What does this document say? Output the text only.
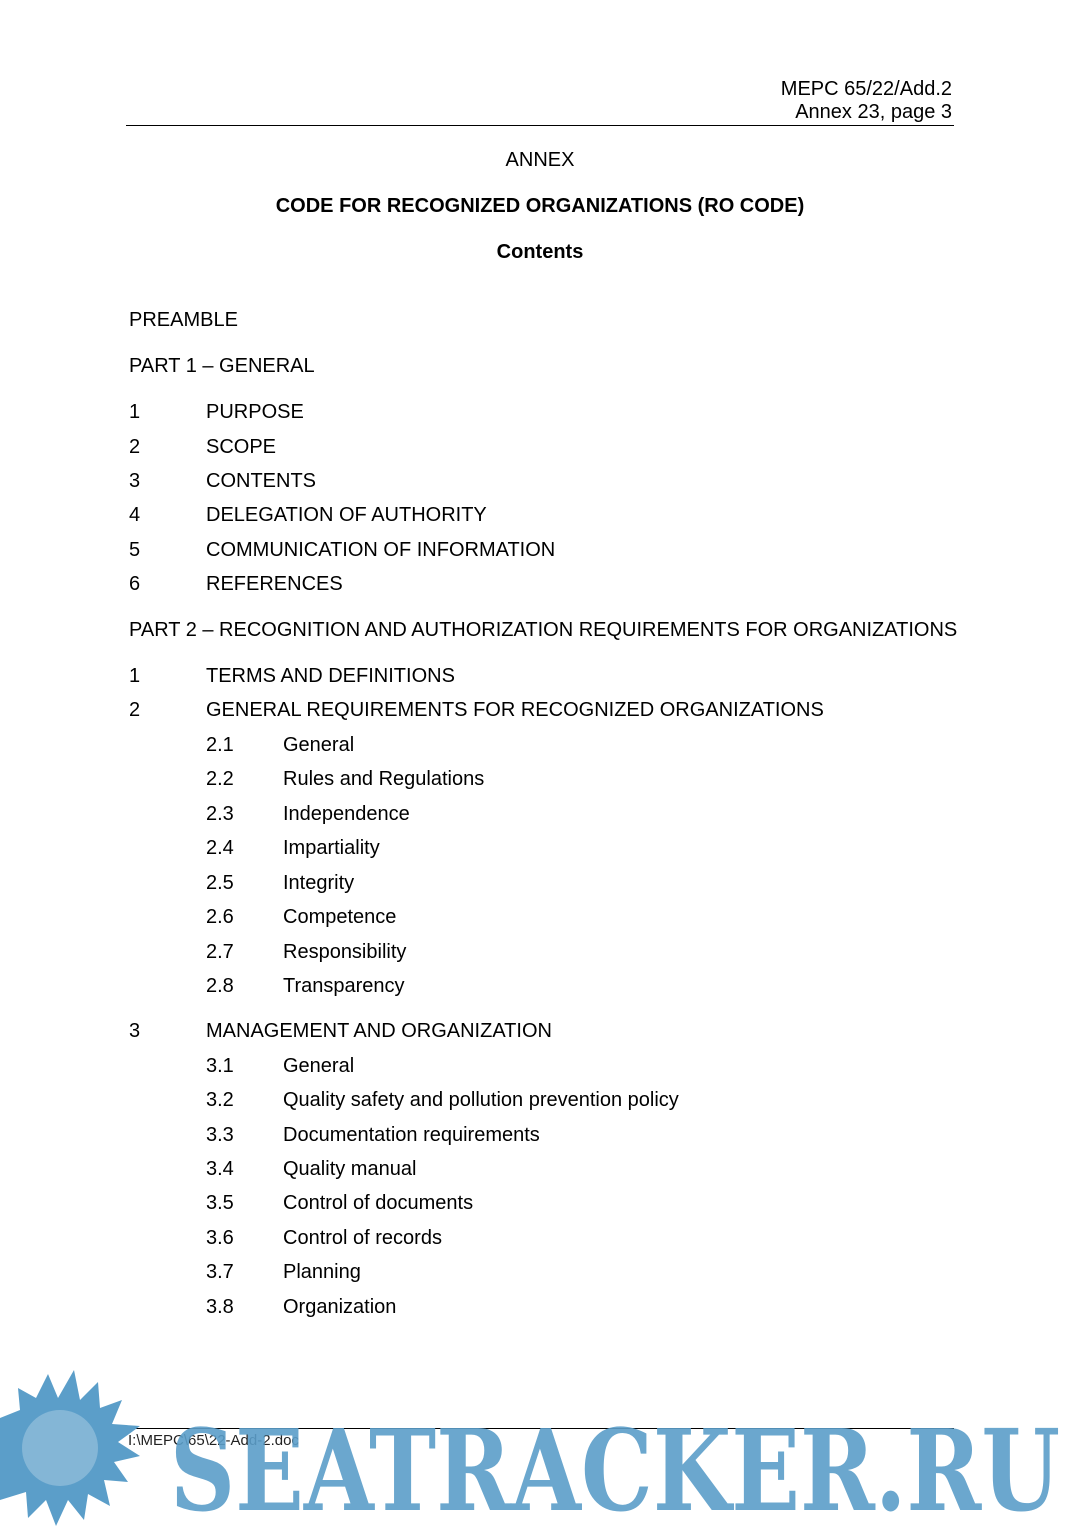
MEPC 65/22/Add.2
Annex 23, page 3
ANNEX
CODE FOR RECOGNIZED ORGANIZATIONS (RO CODE)
Contents
PREAMBLE
PART 1 – GENERAL
1	PURPOSE
2	SCOPE
3	CONTENTS
4	DELEGATION OF AUTHORITY
5	COMMUNICATION OF INFORMATION
6	REFERENCES
PART 2 – RECOGNITION AND AUTHORIZATION REQUIREMENTS FOR ORGANIZATIONS
1	TERMS AND DEFINITIONS
2	GENERAL REQUIREMENTS FOR RECOGNIZED ORGANIZATIONS
2.1 General
2.2 Rules and Regulations
2.3 Independence
2.4 Impartiality
2.5 Integrity
2.6 Competence
2.7 Responsibility
2.8 Transparency
3	MANAGEMENT AND ORGANIZATION
3.1 General
3.2 Quality safety and pollution prevention policy
3.3 Documentation requirements
3.4 Quality manual
3.5 Control of documents
3.6 Control of records
3.7 Planning
3.8 Organization
I:\MEPC\65\22-Add-2.doc
SEATRACKER.RU
